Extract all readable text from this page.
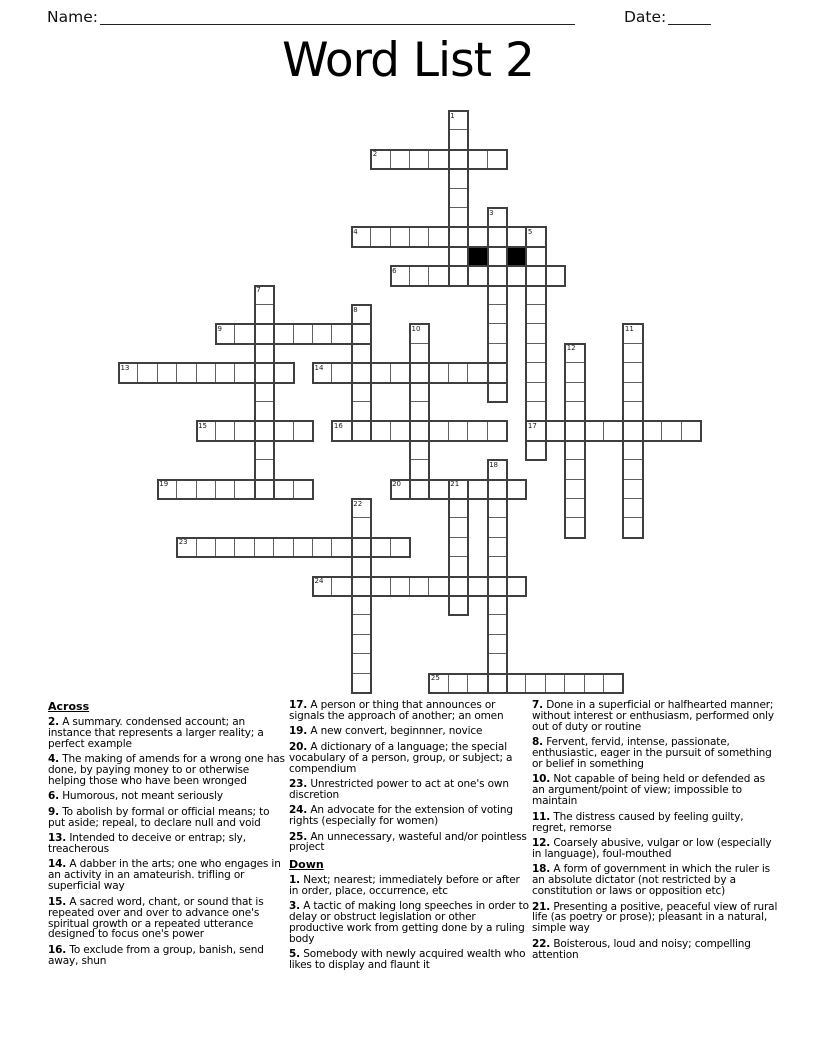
Name:	Date:
Word List 2
2
4
6
9
13	14
15	16	17
19	20
23
24
25
1
3
5
7
8
10	11
12
18
21
22
Across

2. A summary. condensed account; an instance that represents a larger reality; a perfect example

4. The making of amends for a wrong one has done, by paying money to or otherwise helping those who have been wronged

6. Humorous, not meant seriously

9. To abolish by formal or official means; to put aside; repeal, to declare null and void

13. Intended to deceive or entrap; sly, treacherous

14. A dabber in the arts; one who engages in an activity in an amateurish. trifling or superficial way

15. A sacred word, chant, or sound that is repeated over and over to advance one's spiritual growth or a repeated utterance designed to focus one's power

16. To exclude from a group, banish, send away, shun

17. A person or thing that announces or signals the approach of another; an omen

19. A new convert, beginnner, novice

20. A dictionary of a language; the special vocabulary of a person, group, or subject; a compendium

23. Unrestricted power to act at one's own discretion

24. An advocate for the extension of voting rights (especially for women)

25. An unnecessary, wasteful and/or pointless project

Down

1. Next; nearest; immediately before or after in order, place, occurrence, etc

3. A tactic of making long speeches in order to delay or obstruct legislation or other productive work from getting done by a ruling body

5. Somebody with newly acquired wealth who likes to display and flaunt it

7. Done in a superficial or halfhearted manner; without interest or enthusiasm, performed only out of duty or routine

8. Fervent, fervid, intense, passionate, enthusiastic, eager in the pursuit of something or belief in something

10. Not capable of being held or defended as an argument/point of view; impossible to maintain

11. The distress caused by feeling guilty, regret, remorse

12. Coarsely abusive, vulgar or low (especially in language), foul-mouthed

18. A form of government in which the ruler is an absolute dictator (not restricted by a constitution or laws or opposition etc)

21. Presenting a positive, peaceful view of rural life (as poetry or prose); pleasant in a natural, simple way

22. Boisterous, loud and noisy; compelling attention
